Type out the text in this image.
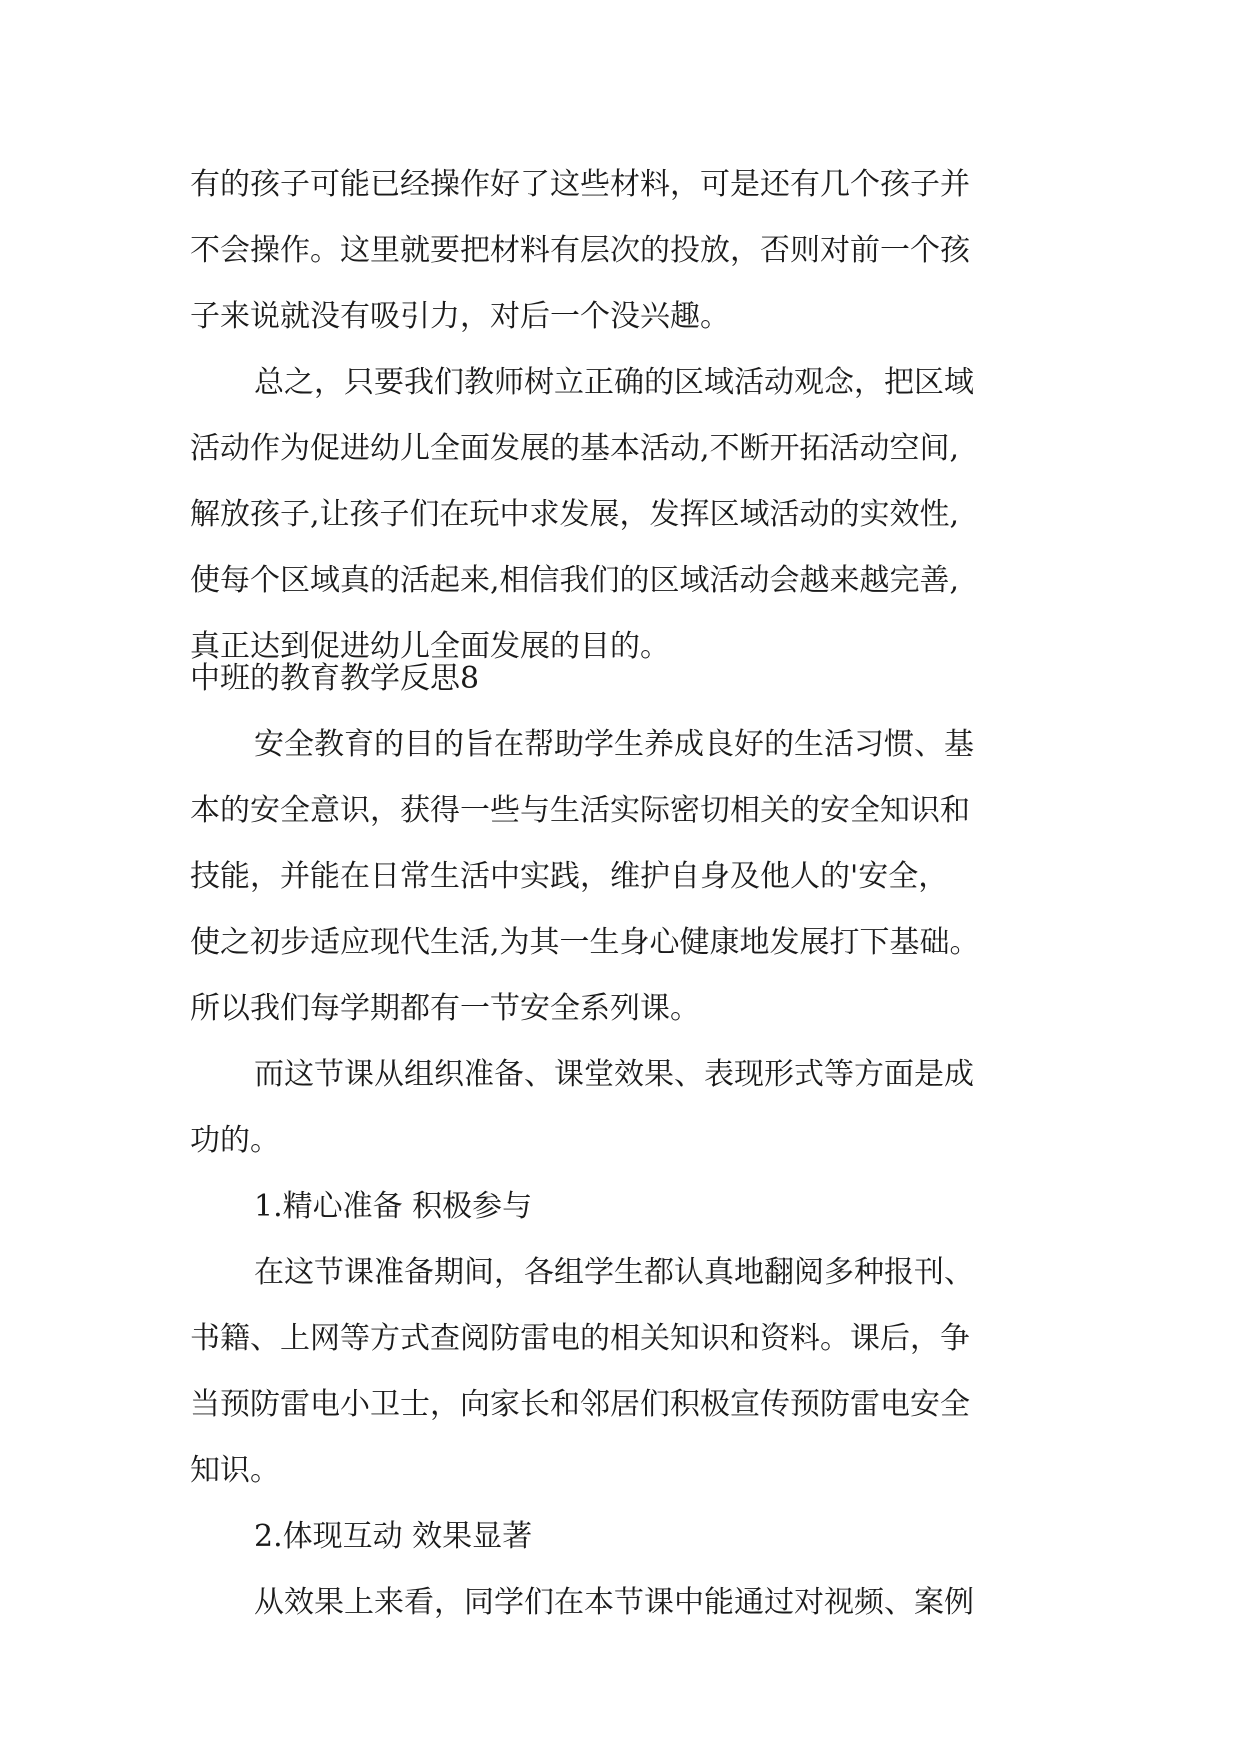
有的孩子可能已经操作好了这些材料，可是还有几个孩子并
不会操作。这里就要把材料有层次的投放，否则对前一个孩
子来说就没有吸引力，对后一个没兴趣。
总之，只要我们教师树立正确的区域活动观念，把区域
活动作为促进幼儿全面发展的基本活动,不断开拓活动空间,
解放孩子,让孩子们在玩中求发展，发挥区域活动的实效性,
使每个区域真的活起来,相信我们的区域活动会越来越完善,
真正达到促进幼儿全面发展的目的。
中班的教育教学反思8
安全教育的目的旨在帮助学生养成良好的生活习惯、基
本的安全意识，获得一些与生活实际密切相关的安全知识和
技能，并能在日常生活中实践，维护自身及他人的'安全，
使之初步适应现代生活,为其一生身心健康地发展打下基础。
所以我们每学期都有一节安全系列课。
而这节课从组织准备、课堂效果、表现形式等方面是成
功的。
1.精心准备 积极参与
在这节课准备期间，各组学生都认真地翻阅多种报刊、
书籍、上网等方式查阅防雷电的相关知识和资料。课后，争
当预防雷电小卫士，向家长和邻居们积极宣传预防雷电安全
知识。
2.体现互动 效果显著
从效果上来看，同学们在本节课中能通过对视频、案例
